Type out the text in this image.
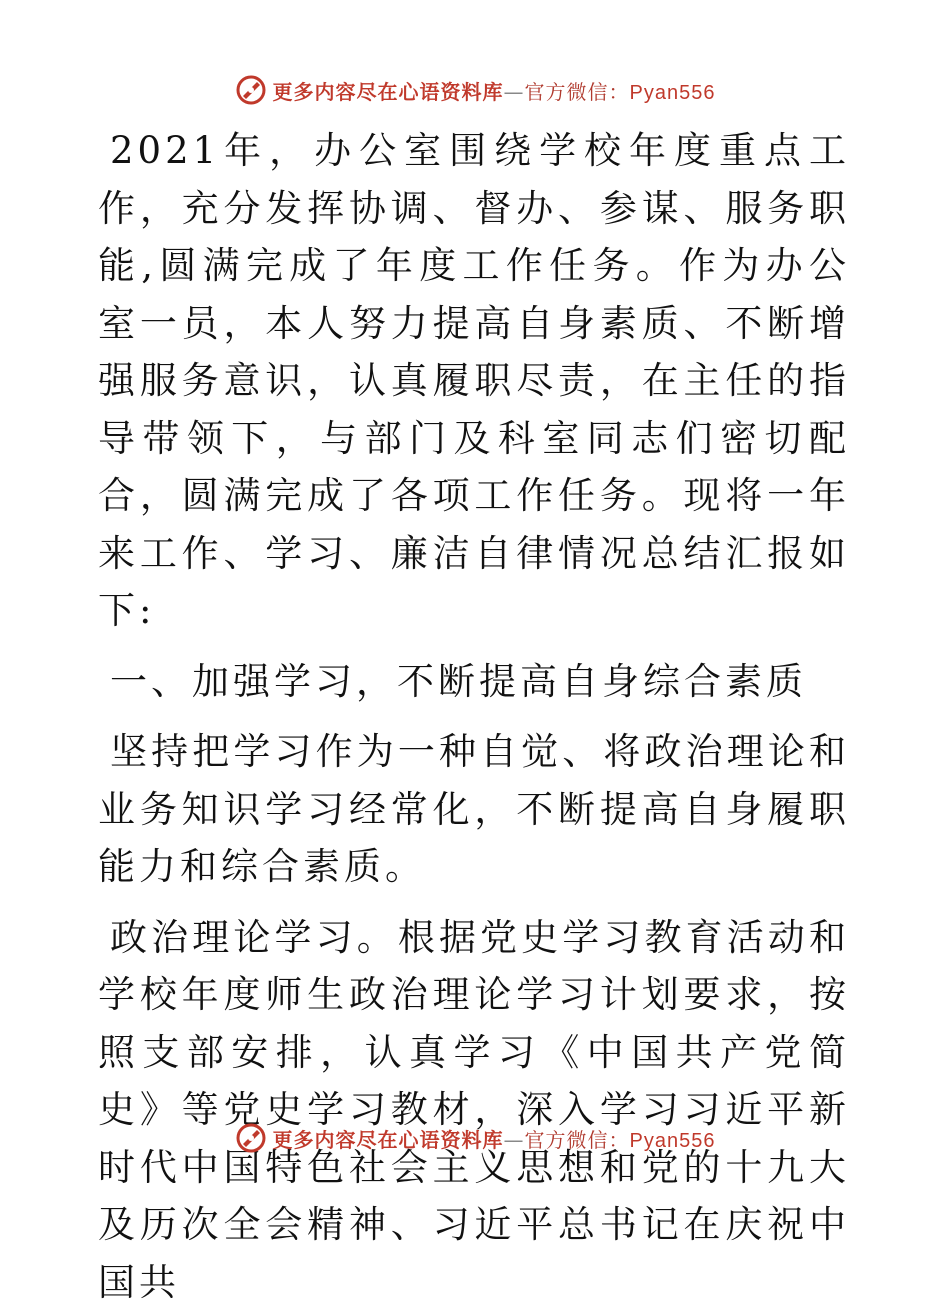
更多内容尽在心语资料库—官方微信：Pyan556

2021年，办公室围绕学校年度重点工作，充分发挥协调、督办、参谋、服务职能,圆满完成了年度工作任务。作为办公室一员，本人努力提高自身素质、不断增强服务意识，认真履职尽责，在主任的指导带领下，与部门及科室同志们密切配合，圆满完成了各项工作任务。现将一年来工作、学习、廉洁自律情况总结汇报如下:

一、加强学习，不断提高自身综合素质

坚持把学习作为一种自觉、将政治理论和业务知识学习经常化，不断提高自身履职能力和综合素质。

政治理论学习。根据党史学习教育活动和学校年度师生政治理论学习计划要求，按照支部安排，认真学习《中国共产党简史》等党史学习教材，深入学习习近平新时代中国特色社会主义思想和党的十九大及历次全会精神、习近平总书记在庆祝中国共

更多内容尽在心语资料库—官方微信：Pyan556
